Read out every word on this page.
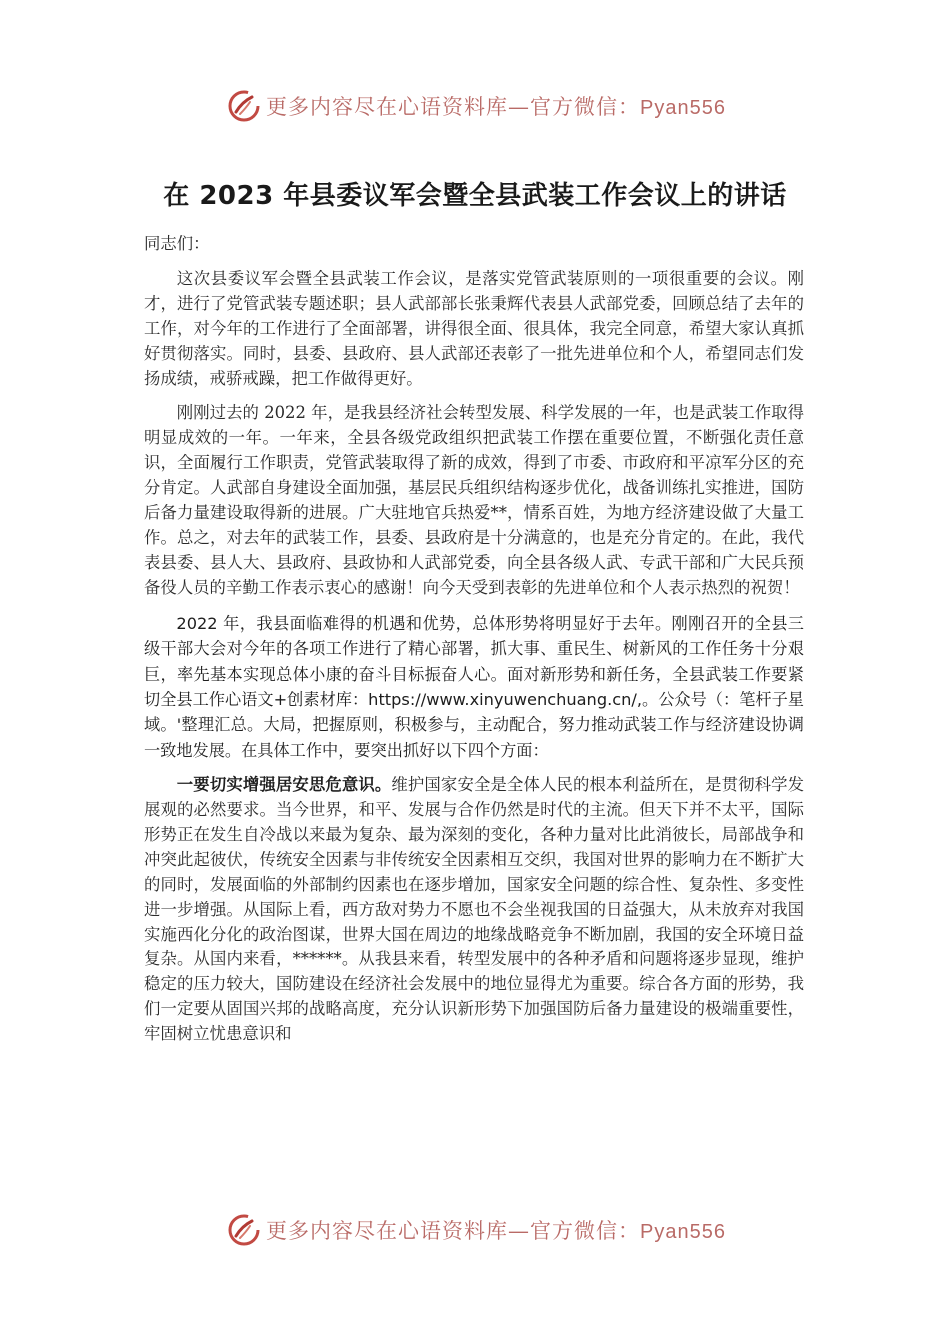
更多内容尽在心语资料库—官方微信：Pyan556
在 2023 年县委议军会暨全县武装工作会议上的讲话

同志们：

这次县委议军会暨全县武装工作会议，是落实党管武装原则的一项很重要的会议。刚才，进行了党管武装专题述职；县人武部部长张秉辉代表县人武部党委，回顾总结了去年的工作，对今年的工作进行了全面部署，讲得很全面、很具体，我完全同意，希望大家认真抓好贯彻落实。同时，县委、县政府、县人武部还表彰了一批先进单位和个人，希望同志们发扬成绩，戒骄戒躁，把工作做得更好。

刚刚过去的 2022 年，是我县经济社会转型发展、科学发展的一年，也是武装工作取得明显成效的一年。一年来，全县各级党政组织把武装工作摆在重要位置，不断强化责任意识，全面履行工作职责，党管武装取得了新的成效，得到了市委、市政府和平凉军分区的充分肯定。人武部自身建设全面加强，基层民兵组织结构逐步优化，战备训练扎实推进，国防后备力量建设取得新的进展。广大驻地官兵热爱**，情系百姓，为地方经济建设做了大量工作。总之，对去年的武装工作，县委、县政府是十分满意的，也是充分肯定的。在此，我代表县委、县人大、县政府、县政协和人武部党委，向全县各级人武、专武干部和广大民兵预备役人员的辛勤工作表示衷心的感谢！向今天受到表彰的先进单位和个人表示热烈的祝贺！

2022 年，我县面临难得的机遇和优势，总体形势将明显好于去年。刚刚召开的全县三级干部大会对今年的各项工作进行了精心部署，抓大事、重民生、树新风的工作任务十分艰巨，率先基本实现总体小康的奋斗目标振奋人心。面对新形势和新任务，全县武装工作要紧切全县工作心语文+创素材库：https://www.xinyuwenchuang.cn/,。公众号（：笔杆子星域。'整理汇总。大局，把握原则，积极参与，主动配合，努力推动武装工作与经济建设协调一致地发展。在具体工作中，要突出抓好以下四个方面：

一要切实增强居安思危意识。维护国家安全是全体人民的根本利益所在，是贯彻科学发展观的必然要求。当今世界，和平、发展与合作仍然是时代的主流。但天下并不太平，国际形势正在发生自冷战以来最为复杂、最为深刻的变化，各种力量对比此消彼长，局部战争和冲突此起彼伏，传统安全因素与非传统安全因素相互交织，我国对世界的影响力在不断扩大的同时，发展面临的外部制约因素也在逐步增加，国家安全问题的综合性、复杂性、多变性进一步增强。从国际上看，西方敌对势力不愿也不会坐视我国的日益强大，从未放弃对我国实施西化分化的政治图谋，世界大国在周边的地缘战略竞争不断加剧，我国的安全环境日益复杂。从国内来看，******。从我县来看，转型发展中的各种矛盾和问题将逐步显现，维护稳定的压力较大，国防建设在经济社会发展中的地位显得尤为重要。综合各方面的形势，我们一定要从固国兴邦的战略高度，充分认识新形势下加强国防后备力量建设的极端重要性，牢固树立忧患意识和

更多内容尽在心语资料库—官方微信：Pyan556
